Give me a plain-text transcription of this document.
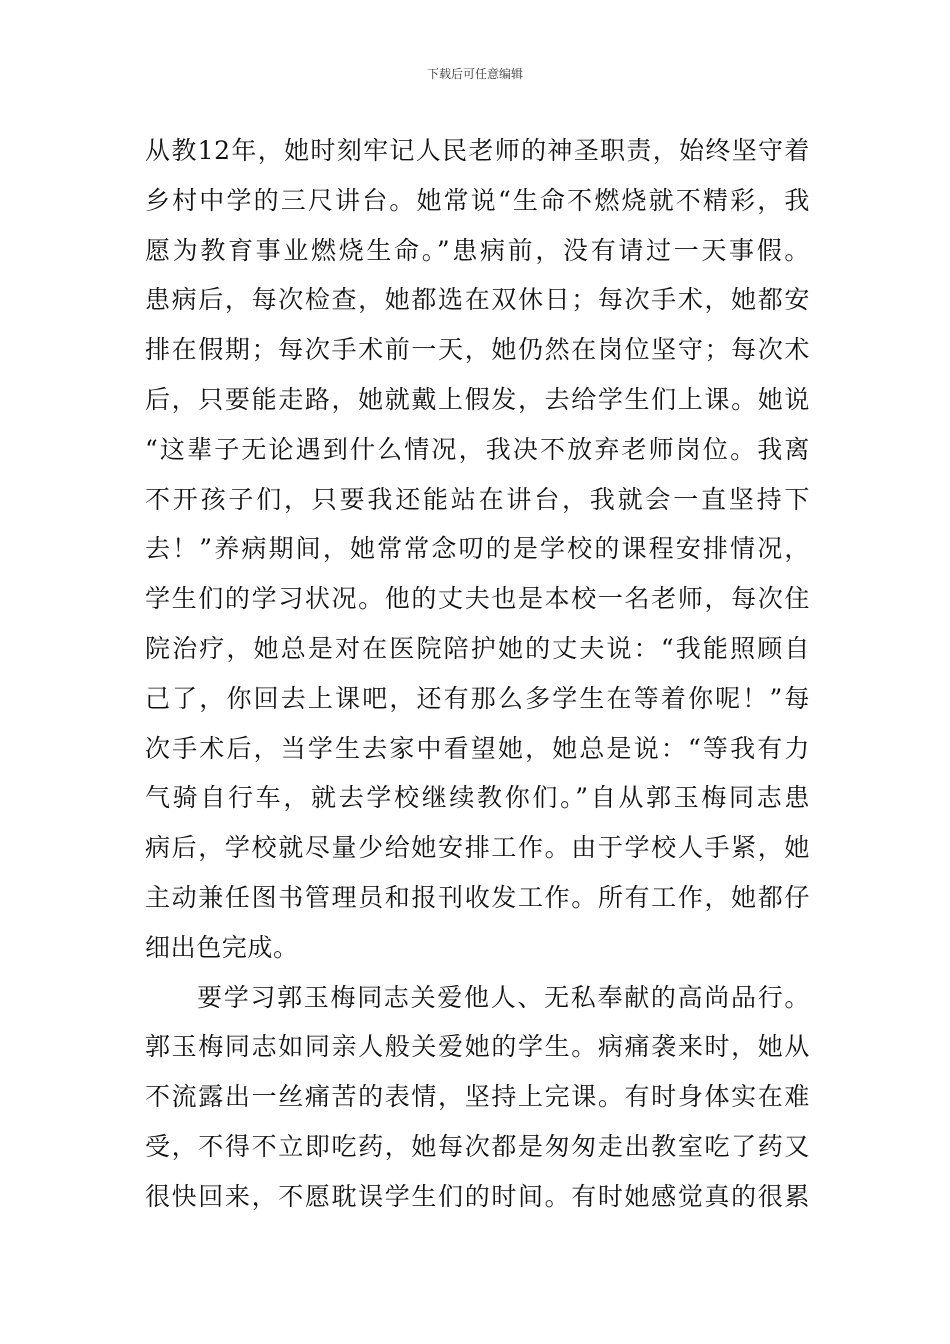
下载后可任意编辑
从教12年，她时刻牢记人民老师的神圣职责，始终坚守着
乡村中学的三尺讲台。她常说“生命不燃烧就不精彩，我
愿为教育事业燃烧生命。”患病前，没有请过一天事假。
患病后，每次检查，她都选在双休日；每次手术，她都安
排在假期；每次手术前一天，她仍然在岗位坚守；每次术
后，只要能走路，她就戴上假发，去给学生们上课。她说
“这辈子无论遇到什么情况，我决不放弃老师岗位。我离
不开孩子们，只要我还能站在讲台，我就会一直坚持下
去！”养病期间，她常常念叨的是学校的课程安排情况，
学生们的学习状况。他的丈夫也是本校一名老师，每次住
院治疗，她总是对在医院陪护她的丈夫说：“我能照顾自
己了，你回去上课吧，还有那么多学生在等着你呢！”每
次手术后，当学生去家中看望她，她总是说：“等我有力
气骑自行车，就去学校继续教你们。”自从郭玉梅同志患
病后，学校就尽量少给她安排工作。由于学校人手紧，她
主动兼任图书管理员和报刊收发工作。所有工作，她都仔
细出色完成。
要学习郭玉梅同志关爱他人、无私奉献的高尚品行。
郭玉梅同志如同亲人般关爱她的学生。病痛袭来时，她从
不流露出一丝痛苦的表情，坚持上完课。有时身体实在难
受，不得不立即吃药，她每次都是匆匆走出教室吃了药又
很快回来，不愿耽误学生们的时间。有时她感觉真的很累
